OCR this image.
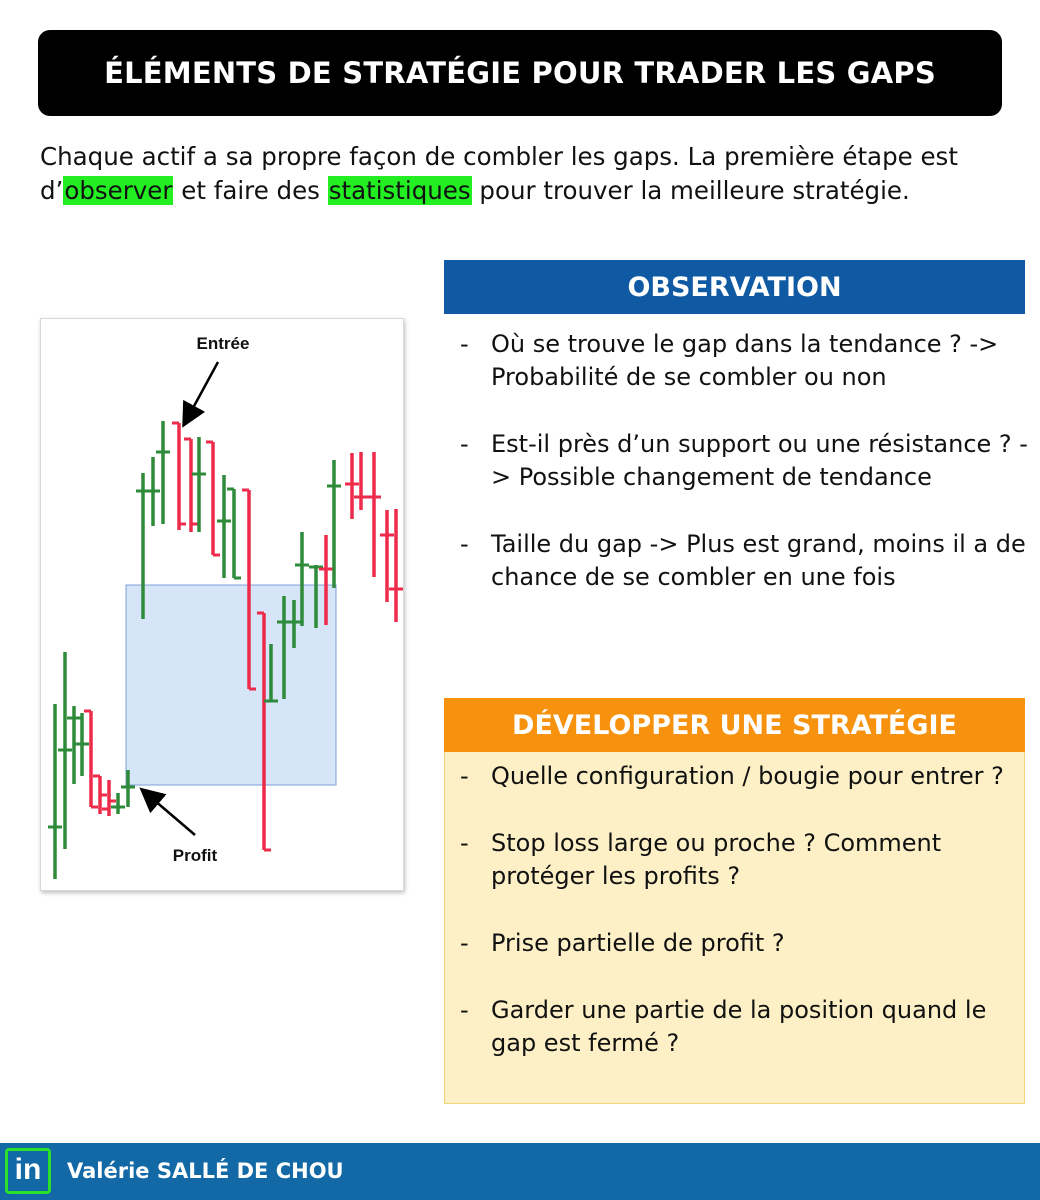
ÉLÉMENTS DE STRATÉGIE POUR TRADER LES GAPS

Chaque actif a sa propre façon de combler les gaps. La première étape est d’observer et faire des statistiques pour trouver la meilleure stratégie.

Entrée
Profit
OBSERVATION
- Où se trouve le gap dans la tendance ? -> Probabilité de se combler ou non
- Est-il près d’un support ou une résistance ? -> Possible changement de tendance
- Taille du gap -> Plus est grand, moins il a de chance de se combler en une fois
DÉVELOPPER UNE STRATÉGIE
- Quelle configuration / bougie pour entrer ?
- Stop loss large ou proche ? Comment protéger les profits ?
- Prise partielle de profit ?
- Garder une partie de la position quand le gap est fermé ?
in	Valérie SALLÉ DE CHOU
